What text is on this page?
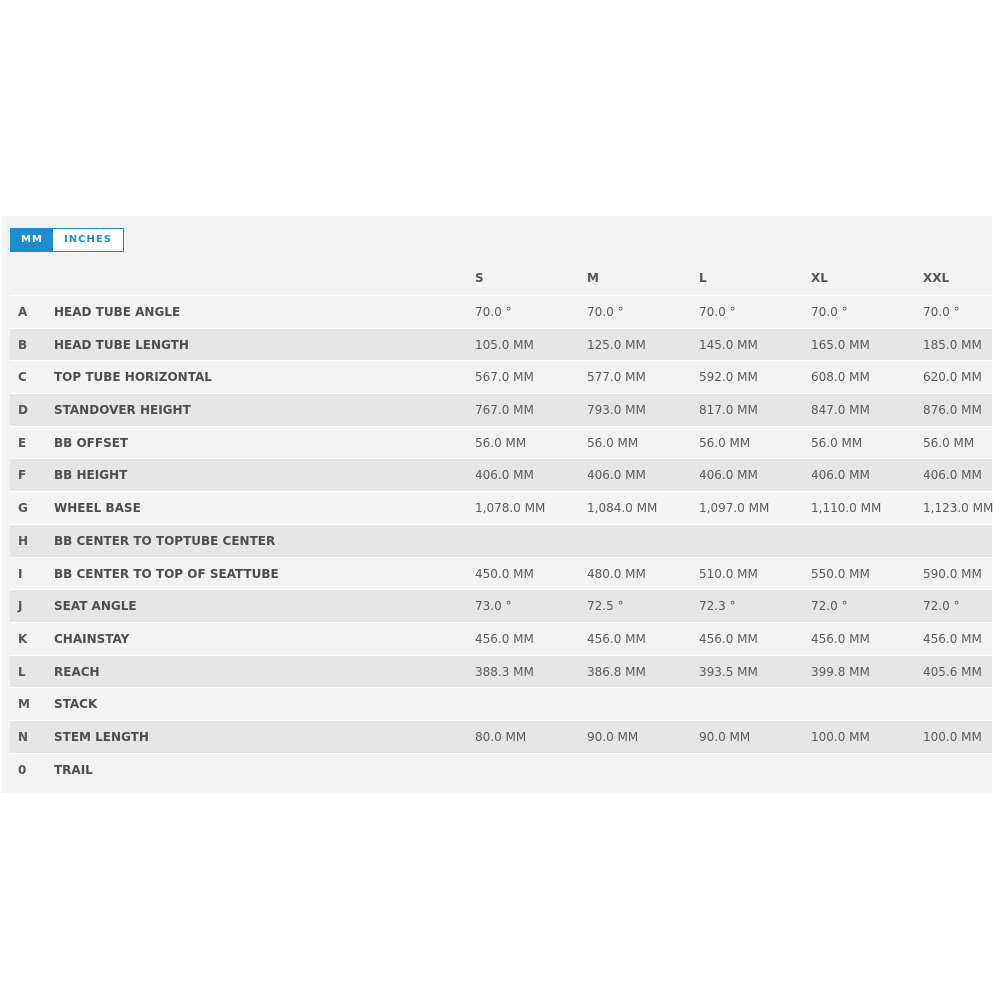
MM	INCHES
S	M	L	XL	XXL
A HEAD TUBE ANGLE	70.0 °	70.0 °	70.0 °	70.0 °	70.0 °
B HEAD TUBE LENGTH	105.0 MM	125.0 MM	145.0 MM	165.0 MM	185.0 MM
C TOP TUBE HORIZONTAL	567.0 MM	577.0 MM	592.0 MM	608.0 MM	620.0 MM
D STANDOVER HEIGHT	767.0 MM	793.0 MM	817.0 MM	847.0 MM	876.0 MM
E BB OFFSET	56.0 MM	56.0 MM	56.0 MM	56.0 MM	56.0 MM
F BB HEIGHT	406.0 MM	406.0 MM	406.0 MM	406.0 MM	406.0 MM
G WHEEL BASE	1,078.0 MM	1,084.0 MM	1,097.0 MM	1,110.0 MM	1,123.0 MM
H BB CENTER TO TOPTUBE CENTER
I	BB CENTER TO TOP OF SEATTUBE	450.0 MM	480.0 MM	510.0 MM	550.0 MM	590.0 MM
J	SEAT ANGLE	73.0 °	72.5 °	72.3 °	72.0 °	72.0 °
K CHAINSTAY	456.0 MM	456.0 MM	456.0 MM	456.0 MM	456.0 MM
L REACH	388.3 MM	386.8 MM	393.5 MM	399.8 MM	405.6 MM
M STACK
N STEM LENGTH	80.0 MM	90.0 MM	90.0 MM	100.0 MM	100.0 MM
0 TRAIL
